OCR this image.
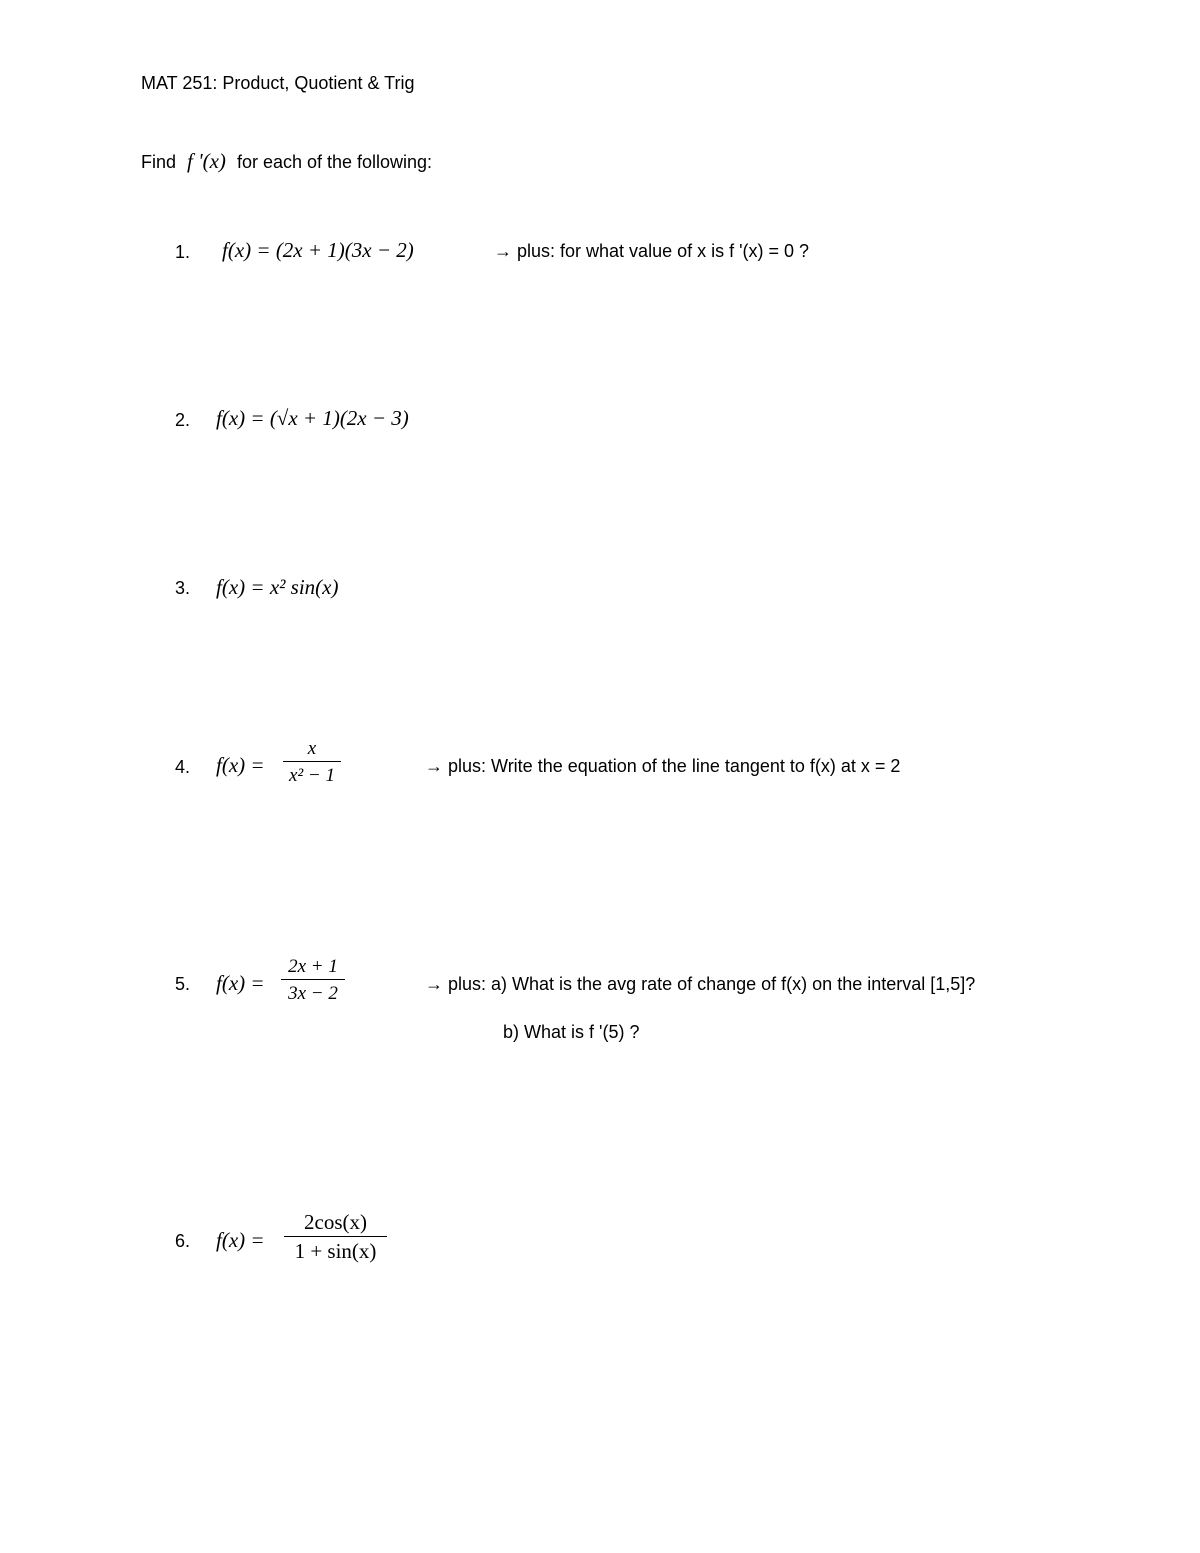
MAT 251: Product, Quotient & Trig
Find f '(x) for each of the following:
1. f(x) = (2x + 1)(3x − 2)	→ plus: for what value of x is f '(x) = 0 ?
2. f(x) = (√x + 1)(2x − 3)
3. f(x) = x² sin(x)
4. f(x) =
x
x² − 1	→ plus: Write the equation of the line tangent to f(x) at x = 2
5. f(x) =
2x + 1
3x − 2	→ plus: a) What is the avg rate of change of f(x) on the interval [1,5]?
b) What is f '(5) ?
6. f(x) =
2cos(x)
1 + sin(x)
